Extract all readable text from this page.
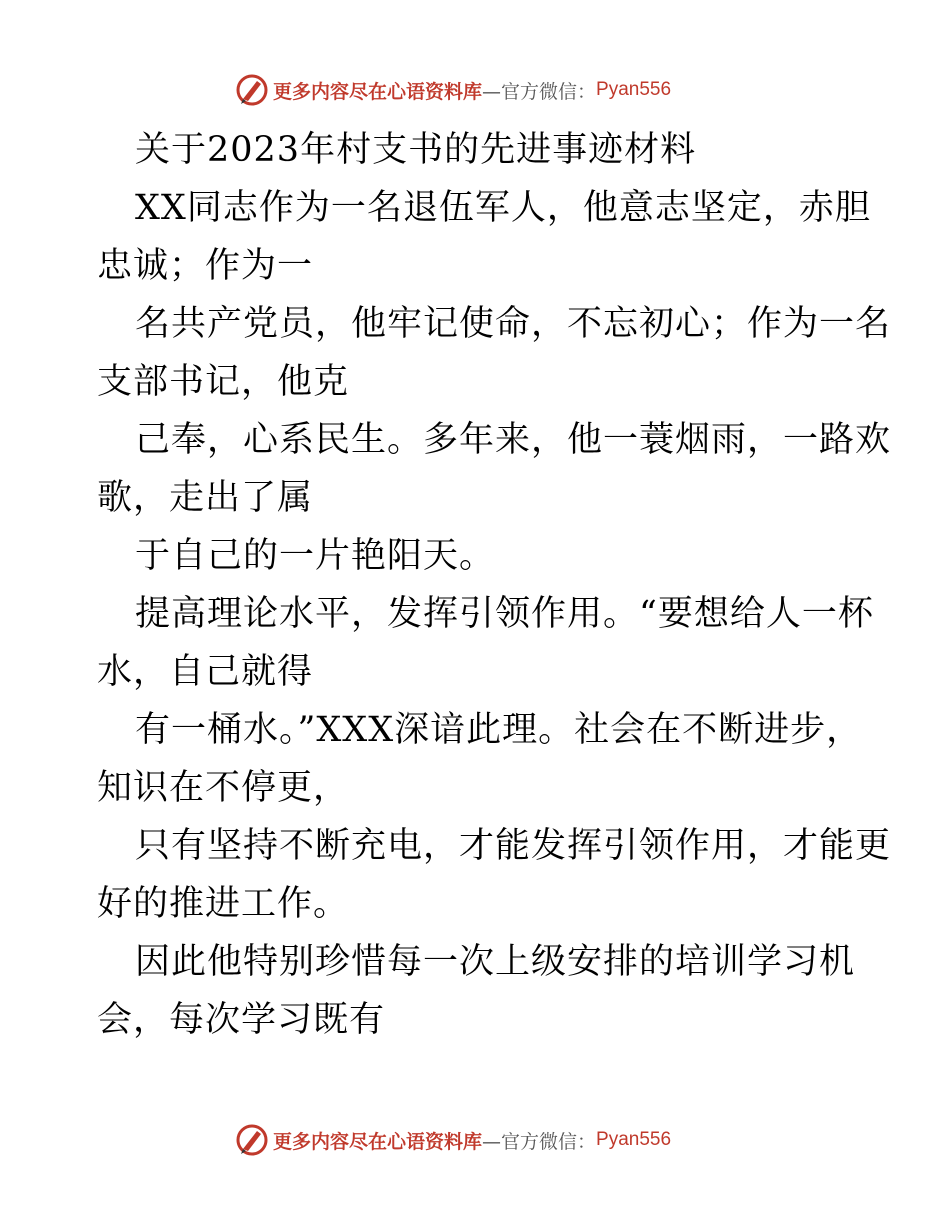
更多内容尽在心语资料库 —官方微信： Pyan556
关于2023年村支书的先进事迹材料
XX同志作为一名退伍军人，他意志坚定，赤胆
忠诚；作为一
名共产党员，他牢记使命，不忘初心；作为一名
支部书记，他克
己奉，心系民生。多年来，他一蓑烟雨，一路欢
歌，走出了属
于自己的一片艳阳天。
提高理论水平，发挥引领作用。“要想给人一杯
水，自己就得
有一桶水。”XXX深谙此理。社会在不断进步，
知识在不停更，
只有坚持不断充电，才能发挥引领作用，才能更
好的推进工作。
因此他特别珍惜每一次上级安排的培训学习机
会，每次学习既有
更多内容尽在心语资料库 —官方微信： Pyan556
